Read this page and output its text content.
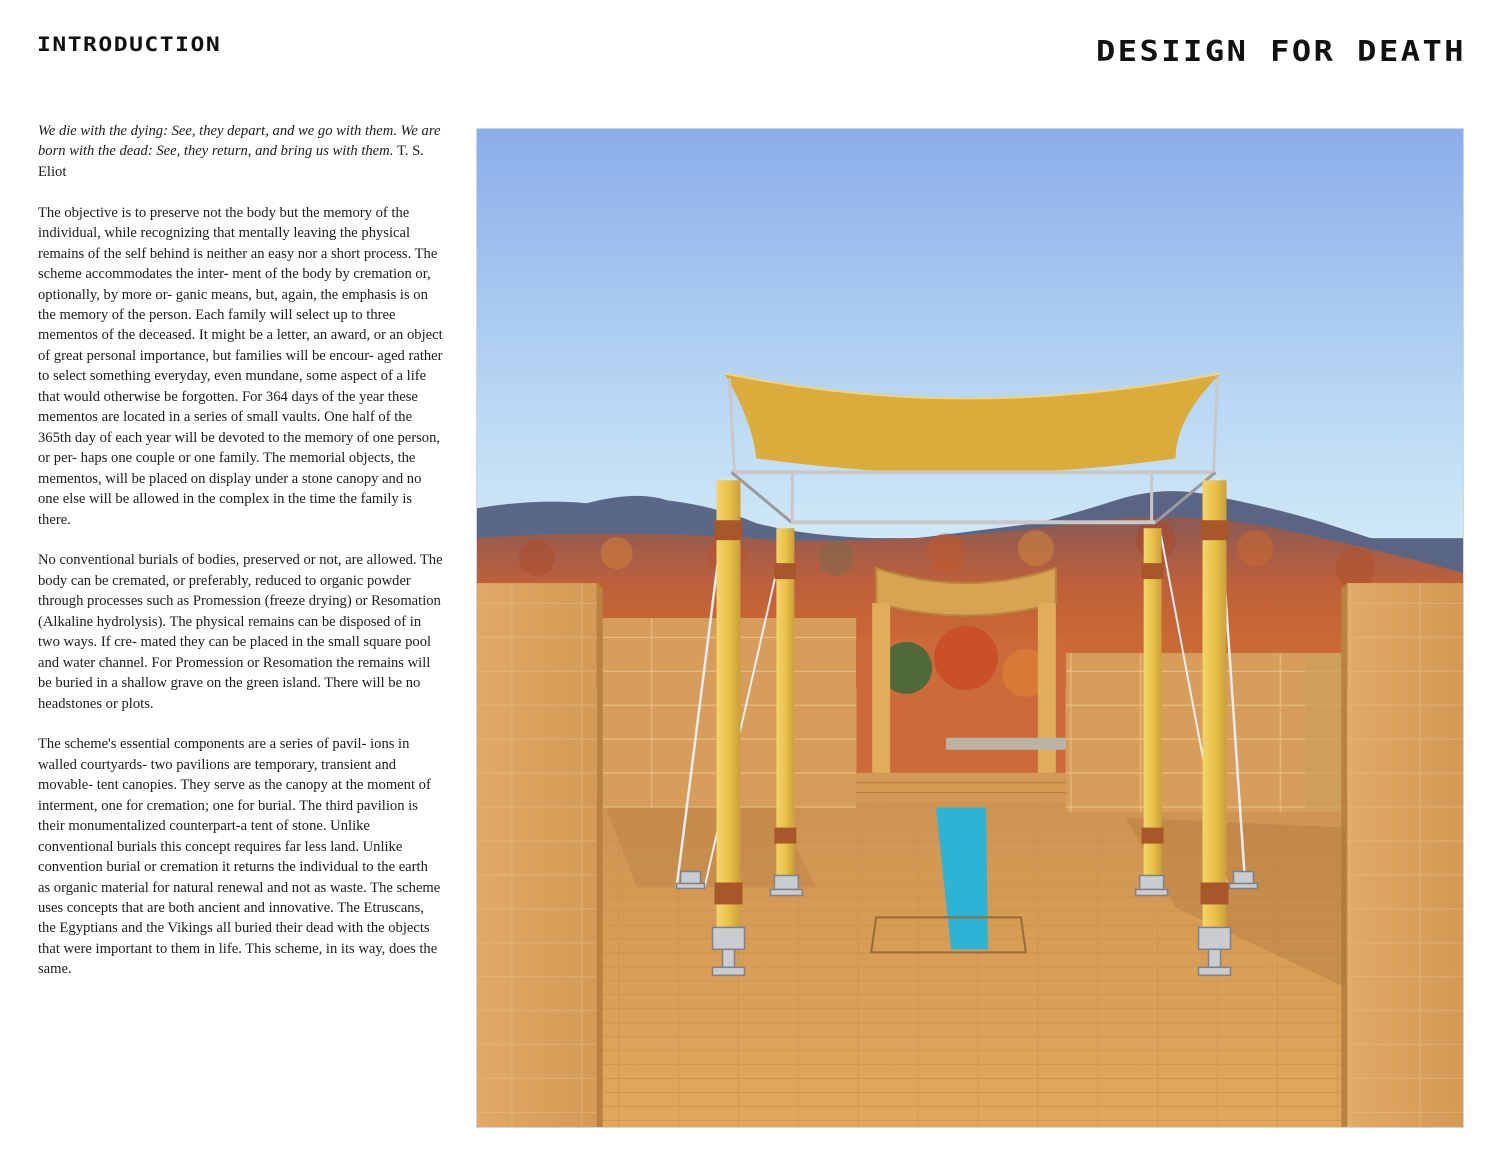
INTRODUCTION	DESIIGN FOR DEATH

We die with the dying: See, they depart, and we go with them. We are born with the dead: See, they return, and bring us with them. T. S. Eliot

The objective is to preserve not the body but the memory of the individual, while recognizing that mentally leaving the physical remains of the self behind is neither an easy nor a short process. The scheme accommodates the inter- ment of the body by cremation or, optionally, by more or- ganic means, but, again, the emphasis is on the memory of the person. Each family will select up to three mementos of the deceased. It might be a letter, an award, or an object of great personal importance, but families will be encour- aged rather to select something everyday, even mundane, some aspect of a life that would otherwise be forgotten. For 364 days of the year these mementos are located in a series of small vaults. One half of the 365th day of each year will be devoted to the memory of one person, or per- haps one couple or one family. The memorial objects, the mementos, will be placed on display under a stone canopy and no one else will be allowed in the complex in the time the family is there.

No conventional burials of bodies, preserved or not, are allowed. The body can be cremated, or preferably, reduced to organic powder through processes such as Promession (freeze drying) or Resomation (Alkaline hydrolysis). The physical remains can be disposed of in two ways. If cre- mated they can be placed in the small square pool and water channel. For Promession or Resomation the remains will be buried in a shallow grave on the green island. There will be no headstones or plots.

The scheme's essential components are a series of pavil- ions in walled courtyards- two pavilions are temporary, transient and movable- tent canopies. They serve as the canopy at the moment of interment, one for cremation; one for burial. The third pavilion is their monumentalized counterpart-a tent of stone. Unlike conventional burials this concept requires far less land. Unlike convention burial or cremation it returns the individual to the earth as organic material for natural renewal and not as waste. The scheme uses concepts that are both ancient and innovative. The Etruscans, the Egyptians and the Vikings all buried their dead with the objects that were important to them in life. This scheme, in its way, does the same.
